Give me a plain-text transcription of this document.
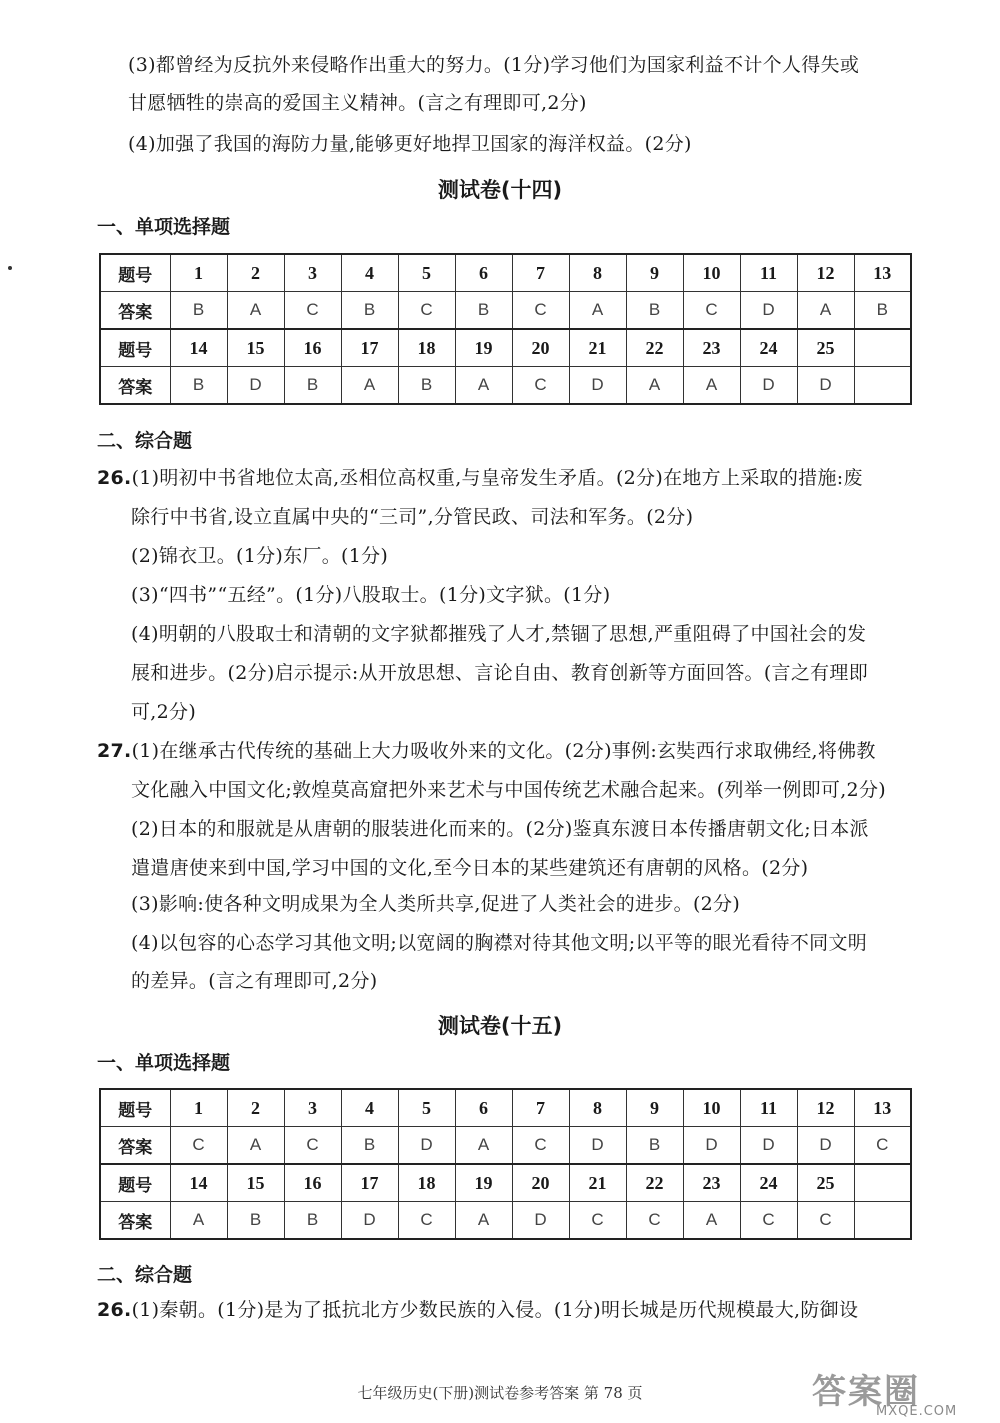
(3)都曾经为反抗外来侵略作出重大的努力。(1分)学习他们为国家利益不计个人得失或
甘愿牺牲的崇高的爱国主义精神。(言之有理即可,2分)
(4)加强了我国的海防力量,能够更好地捍卫国家的海洋权益。(2分)
测试卷(十四)
一、单项选择题
题号	1	2	3	4	5	6	7	8	9	10	11	12	13
答案	B	A	C	B	C	B	C	A	B	C	D	A	B
题号	14	15	16	17	18	19	20	21	22	23	24	25	
答案	B	D	B	A	B	A	C	D	A	A	D	D	
二、综合题
26.(1)明初中书省地位太高,丞相位高权重,与皇帝发生矛盾。(2分)在地方上采取的措施:废
除行中书省,设立直属中央的“三司”,分管民政、司法和军务。(2分)
(2)锦衣卫。(1分)东厂。(1分)
(3)“四书”“五经”。(1分)八股取士。(1分)文字狱。(1分)
(4)明朝的八股取士和清朝的文字狱都摧残了人才,禁锢了思想,严重阻碍了中国社会的发
展和进步。(2分)启示提示:从开放思想、言论自由、教育创新等方面回答。(言之有理即
可,2分)
27.(1)在继承古代传统的基础上大力吸收外来的文化。(2分)事例:玄奘西行求取佛经,将佛教
文化融入中国文化;敦煌莫高窟把外来艺术与中国传统艺术融合起来。(列举一例即可,2分)
(2)日本的和服就是从唐朝的服装进化而来的。(2分)鉴真东渡日本传播唐朝文化;日本派
遣遣唐使来到中国,学习中国的文化,至今日本的某些建筑还有唐朝的风格。(2分)
(3)影响:使各种文明成果为全人类所共享,促进了人类社会的进步。(2分)
(4)以包容的心态学习其他文明;以宽阔的胸襟对待其他文明;以平等的眼光看待不同文明
的差异。(言之有理即可,2分)
测试卷(十五)
一、单项选择题
题号	1	2	3	4	5	6	7	8	9	10	11	12	13
答案	C	A	C	B	D	A	C	D	B	D	D	D	C
题号	14	15	16	17	18	19	20	21	22	23	24	25	
答案	A	B	B	D	C	A	D	C	C	A	C	C	
二、综合题
26.(1)秦朝。(1分)是为了抵抗北方少数民族的入侵。(1分)明长城是历代规模最大,防御设
七年级历史(下册)测试卷参考答案 第 78 页	答案圈
MXQE.COM
